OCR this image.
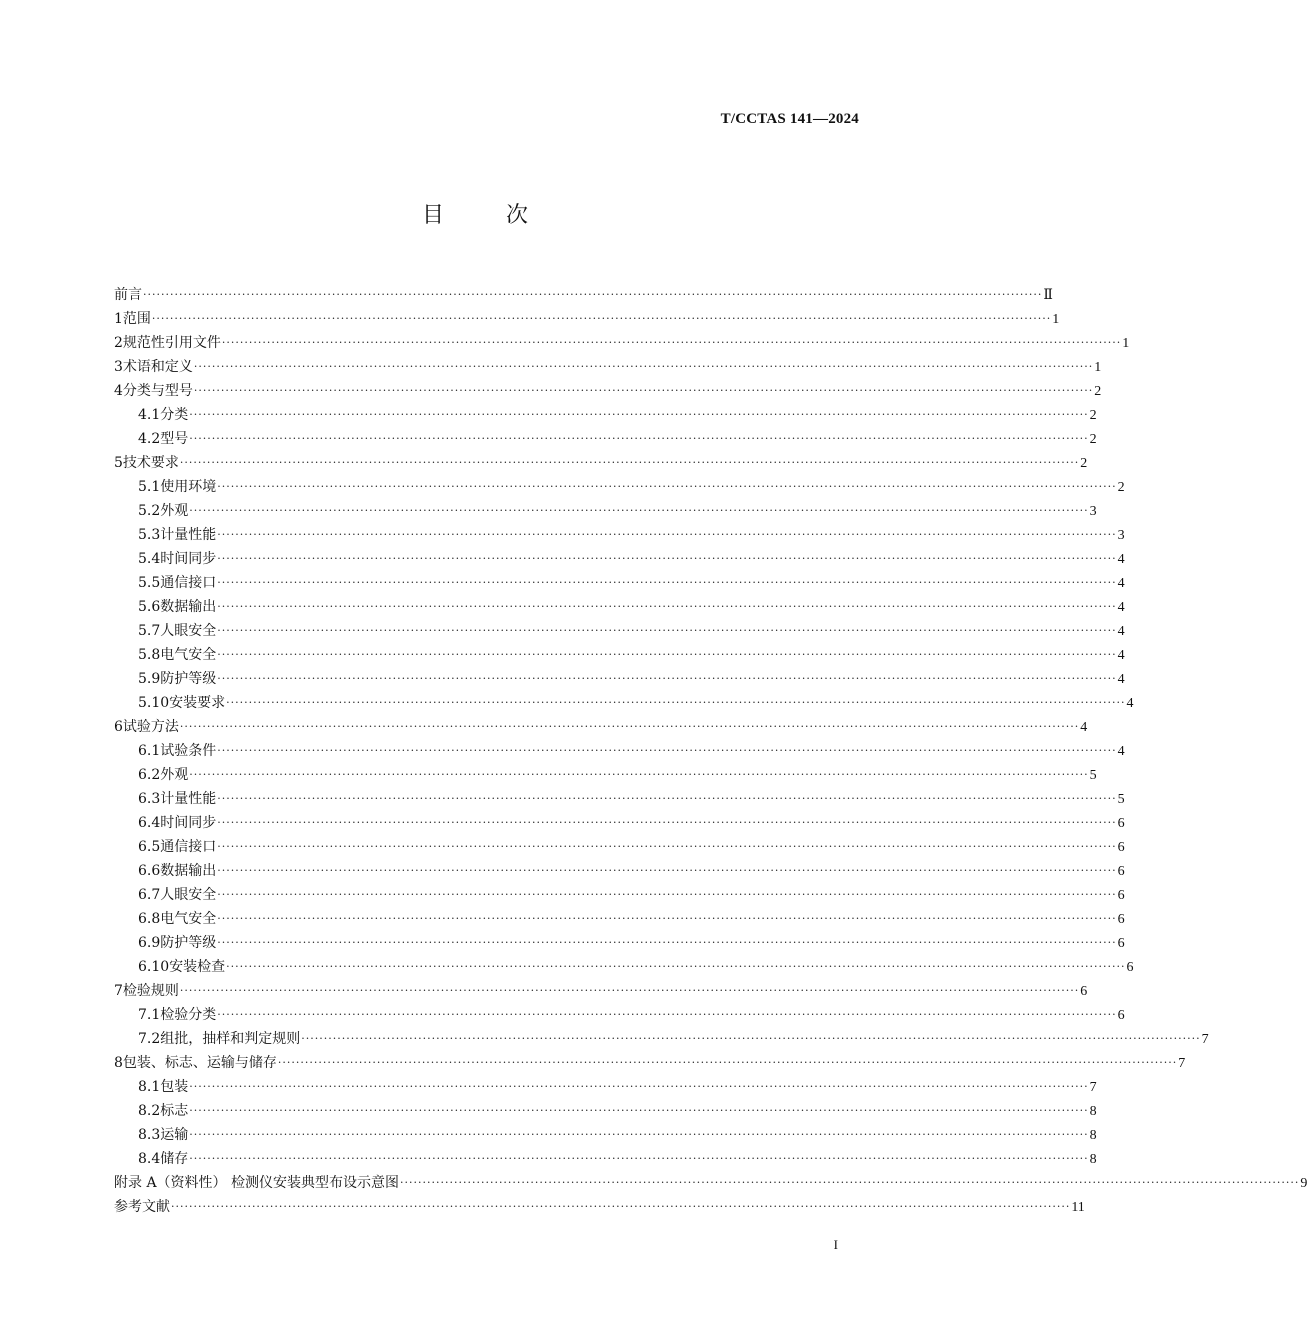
T/CCTAS 141—2024
目	次
前言 ········································································································································································································ Ⅱ
1 范围 ········································································································································································································ 1
2 规范性引用文件 ········································································································································································································ 1
3 术语和定义 ········································································································································································································ 1
4 分类与型号 ········································································································································································································ 2
4.1 分类 ········································································································································································································ 2
4.2 型号 ········································································································································································································ 2
5 技术要求 ········································································································································································································ 2
5.1 使用环境 ········································································································································································································ 2
5.2 外观 ········································································································································································································ 3
5.3 计量性能 ········································································································································································································ 3
5.4 时间同步 ········································································································································································································ 4
5.5 通信接口 ········································································································································································································ 4
5.6 数据输出 ········································································································································································································ 4
5.7 人眼安全 ········································································································································································································ 4
5.8 电气安全 ········································································································································································································ 4
5.9 防护等级 ········································································································································································································ 4
5.10 安装要求 ········································································································································································································ 4
6 试验方法 ········································································································································································································ 4
6.1 试验条件 ········································································································································································································ 4
6.2 外观 ········································································································································································································ 5
6.3 计量性能 ········································································································································································································ 5
6.4 时间同步 ········································································································································································································ 6
6.5 通信接口 ········································································································································································································ 6
6.6 数据输出 ········································································································································································································ 6
6.7 人眼安全 ········································································································································································································ 6
6.8 电气安全 ········································································································································································································ 6
6.9 防护等级 ········································································································································································································ 6
6.10 安装检查 ········································································································································································································ 6
7 检验规则 ········································································································································································································ 6
7.1 检验分类 ········································································································································································································ 6
7.2 组批，抽样和判定规则 ········································································································································································································ 7
8 包装、标志、运输与储存 ········································································································································································································ 7
8.1 包装 ········································································································································································································ 7
8.2 标志 ········································································································································································································ 8
8.3 运输 ········································································································································································································ 8
8.4 储存 ········································································································································································································ 8
附录 A（资料性） 检测仪安装典型布设示意图 ········································································································································································································ 9
参考文献 ········································································································································································································ 11
I
